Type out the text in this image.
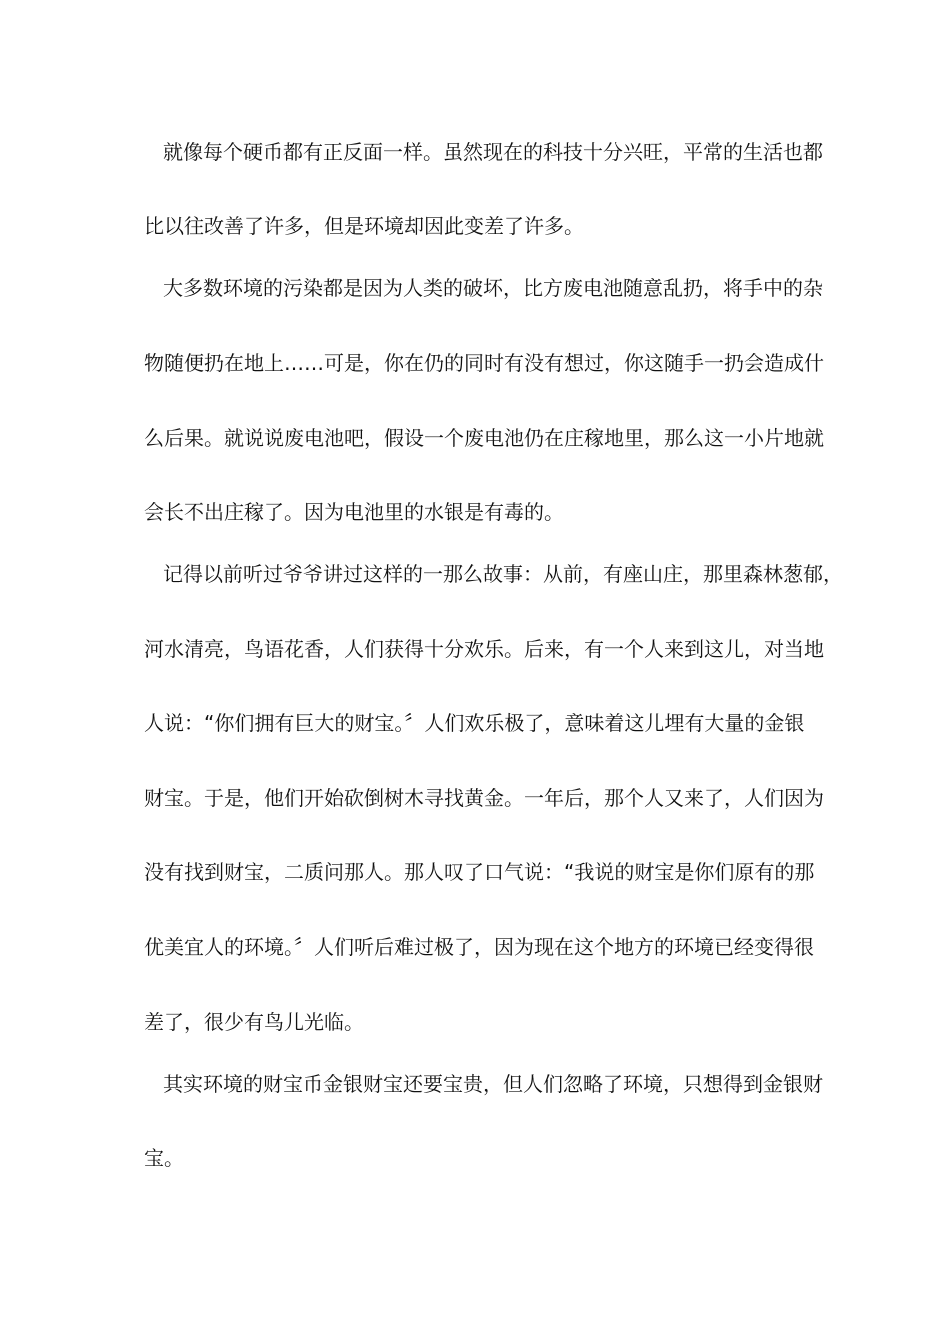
就像每个硬币都有正反面一样。虽然现在的科技十分兴旺，平常的生活也都
比以往改善了许多，但是环境却因此变差了许多。
大多数环境的污染都是因为人类的破坏，比方废电池随意乱扔，将手中的杂
物随便扔在地上……可是，你在仍的同时有没有想过，你这随手一扔会造成什
么后果。就说说废电池吧，假设一个废电池仍在庄稼地里，那么这一小片地就
会长不出庄稼了。因为电池里的水银是有毒的。
记得以前听过爷爷讲过这样的一那么故事：从前，有座山庄，那里森林葱郁，
河水清亮，鸟语花香，人们获得十分欢乐。后来，有一个人来到这儿，对当地
人说：“你们拥有巨大的财宝。〞人们欢乐极了，意味着这儿埋有大量的金银
财宝。于是，他们开始砍倒树木寻找黄金。一年后，那个人又来了，人们因为
没有找到财宝，二质问那人。那人叹了口气说：“我说的财宝是你们原有的那
优美宜人的环境。〞人们听后难过极了，因为现在这个地方的环境已经变得很
差了，很少有鸟儿光临。
其实环境的财宝币金银财宝还要宝贵，但人们忽略了环境，只想得到金银财
宝。
